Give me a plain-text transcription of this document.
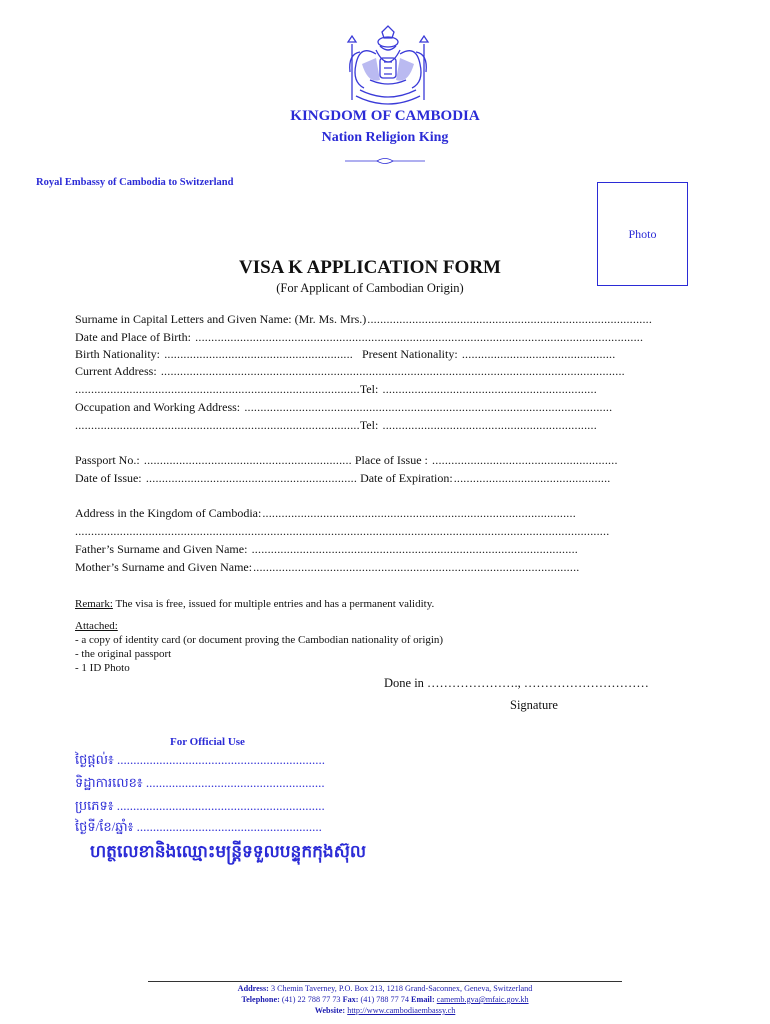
KINGDOM OF CAMBODIA
Nation Religion King
Royal Embassy of Cambodia to Switzerland
Photo
VISA K APPLICATION FORM
(For Applicant of Cambodian Origin)
Surname in Capital Letters and Given Name: (Mr. Ms. Mrs.).........................................................................................
Date and Place of Birth: ............................................................................................................................................
Birth Nationality: ........................................................... Present Nationality: ................................................
Current Address: .................................................................................................................................................
.........................................................................................Tel: ...................................................................
Occupation and Working Address: ...................................................................................................................
.........................................................................................Tel: ...................................................................
Passport No.: ................................................................. Place of Issue : ..........................................................
Date of Issue: .................................................................. Date of Expiration:.................................................
Address in the Kingdom of Cambodia:..................................................................................................
.......................................................................................................................................................................
Father’s Surname and Given Name: ......................................................................................................
Mother’s Surname and Given Name:......................................................................................................
Remark: The visa is free, issued for multiple entries and has a permanent validity.
Attached:
- a copy of identity card (or document proving the Cambodian nationality of origin)
- the original passport
- 1 ID Photo
Done in …………………., …………………………
Signature
For Official Use
ថ្ងៃផ្តល់៖ ................................................................
ទិដ្ឋាការលេខ៖ .......................................................
ប្រភេទ៖ ................................................................
ថ្ងៃទី/ខែ/ឆ្នាំ៖ .........................................................
ហត្ថលេខានិងឈ្មោះមន្ត្រីទទួលបន្ទុកកុងស៊ុល
Address: 3 Chemin Taverney, P.O. Box 213, 1218 Grand-Saconnex, Geneva, Switzerland
Telephone: (41) 22 788 77 73 Fax: (41) 788 77 74 Email: camemb.gva@mfaic.gov.kh
Website: http://www.cambodiaembassy.ch
